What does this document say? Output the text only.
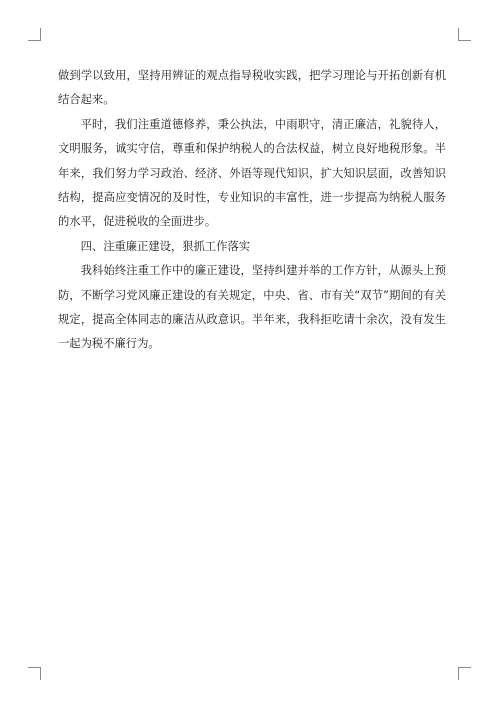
做到学以致用，坚持用辨证的观点指导税收实践，把学习理论与开拓创新有机结合起来。

平时，我们注重道德修养，秉公执法，中雨职守，清正廉洁，礼貌待人，文明服务，诚实守信，尊重和保护纳税人的合法权益，树立良好地税形象。半年来，我们努力学习政治、经济、外语等现代知识，扩大知识层面，改善知识结构，提高应变情况的及时性，专业知识的丰富性，进一步提高为纳税人服务的水平，促进税收的全面进步。

四、注重廉正建设，狠抓工作落实

我科始终注重工作中的廉正建设，坚持纠建并举的工作方针，从源头上预防，不断学习党风廉正建设的有关规定，中央、省、市有关“双节”期间的有关规定，提高全体同志的廉洁从政意识。半年来，我科拒吃请十余次，没有发生一起为税不廉行为。
